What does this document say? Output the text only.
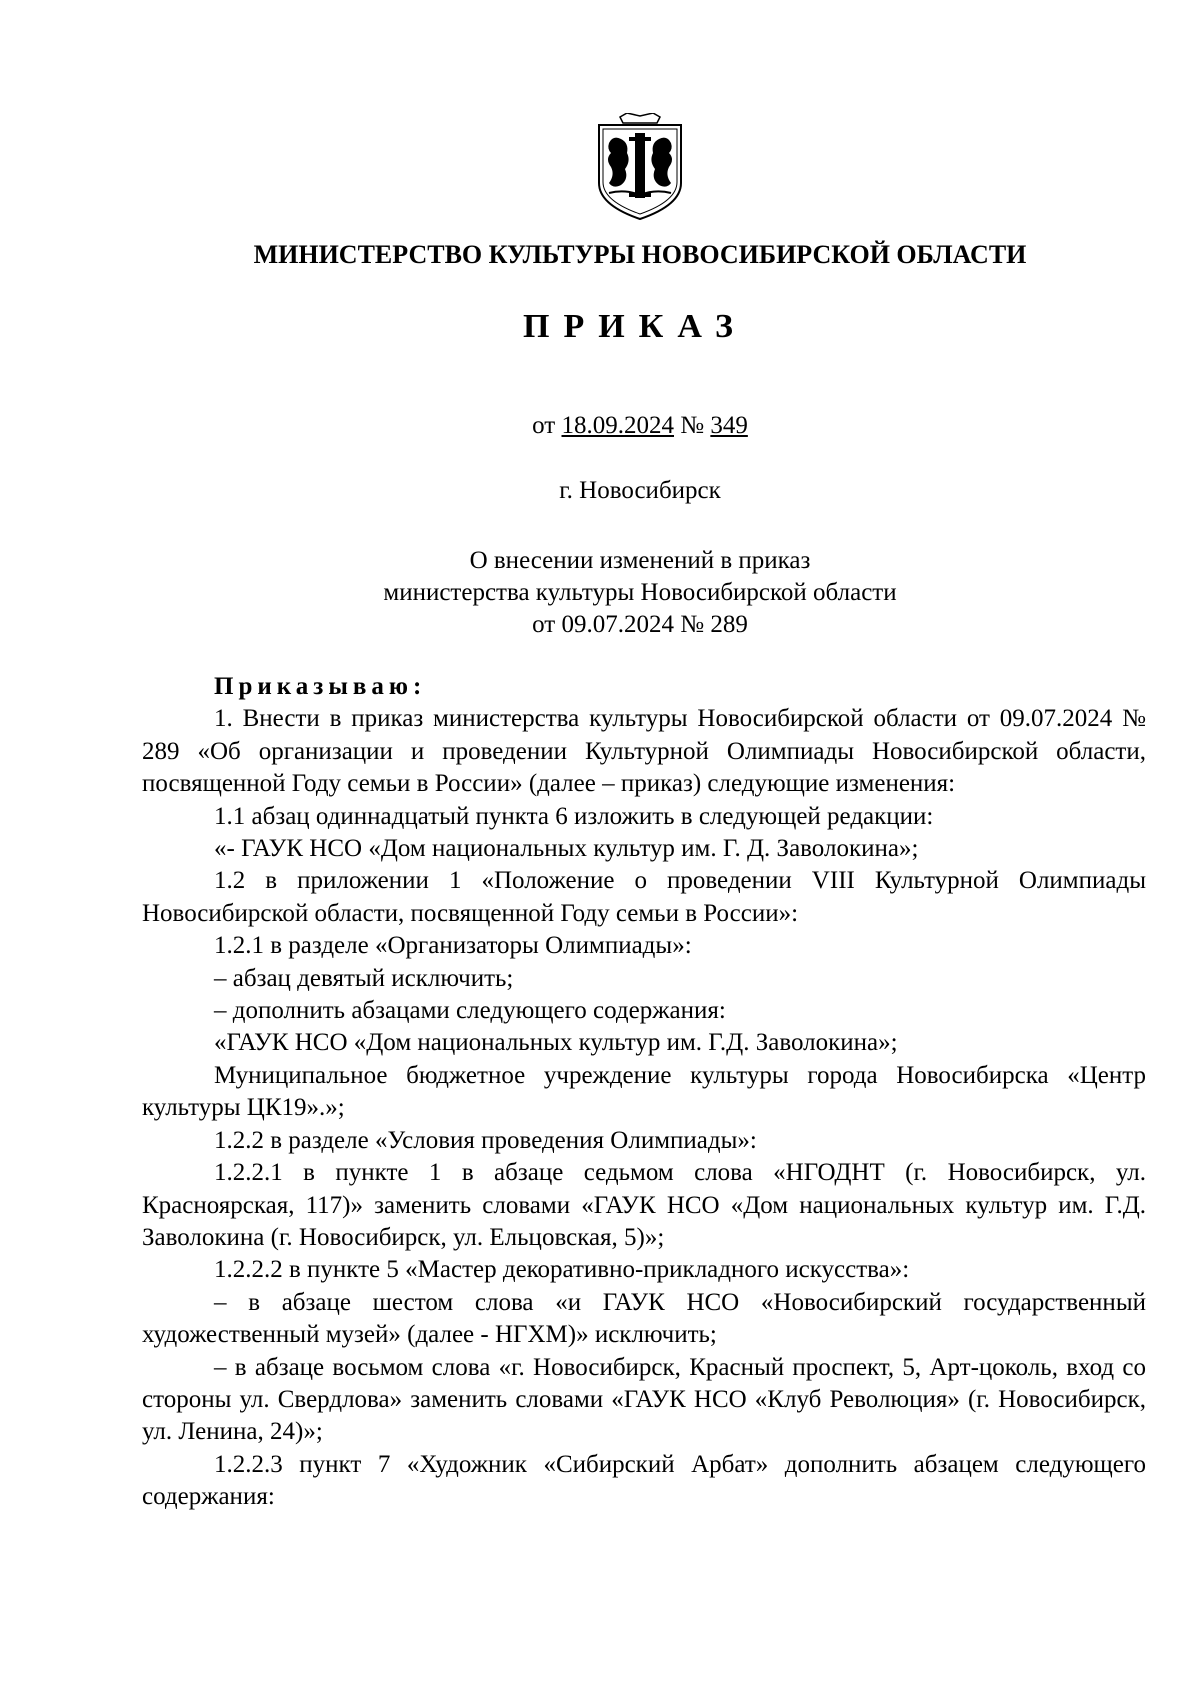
МИНИСТЕРСТВО КУЛЬТУРЫ НОВОСИБИРСКОЙ ОБЛАСТИ
ПРИКАЗ
от 18.09.2024 № 349
г. Новосибирск
О внесении изменений в приказ
министерства культуры Новосибирской области
от 09.07.2024 № 289

Приказываю:

1. Внести в приказ министерства культуры Новосибирской области от 09.07.2024 № 289 «Об организации и проведении Культурной Олимпиады Новосибирской области, посвященной Году семьи в России» (далее – приказ) следующие изменения:

1.1 абзац одиннадцатый пункта 6 изложить в следующей редакции:

«- ГАУК НСО «Дом национальных культур им. Г. Д. Заволокина»;

1.2 в приложении 1 «Положение о проведении VIII Культурной Олимпиады Новосибирской области, посвященной Году семьи в России»:

1.2.1 в разделе «Организаторы Олимпиады»:

– абзац девятый исключить;

– дополнить абзацами следующего содержания:

«ГАУК НСО «Дом национальных культур им. Г.Д. Заволокина»;

Муниципальное бюджетное учреждение культуры города Новосибирска «Центр культуры ЦК19».»;

1.2.2 в разделе «Условия проведения Олимпиады»:

1.2.2.1 в пункте 1 в абзаце седьмом слова «НГОДНТ (г. Новосибирск, ул. Красноярская, 117)» заменить словами «ГАУК НСО «Дом национальных культур им. Г.Д. Заволокина (г. Новосибирск, ул. Ельцовская, 5)»;

1.2.2.2 в пункте 5 «Мастер декоративно-прикладного искусства»:

– в абзаце шестом слова «и ГАУК НСО «Новосибирский государственный художественный музей» (далее - НГХМ)» исключить;

– в абзаце восьмом слова «г. Новосибирск, Красный проспект, 5, Арт-цоколь, вход со стороны ул. Свердлова» заменить словами «ГАУК НСО «Клуб Революция» (г. Новосибирск, ул. Ленина, 24)»;

1.2.2.3 пункт 7 «Художник «Сибирский Арбат» дополнить абзацем следующего содержания:
